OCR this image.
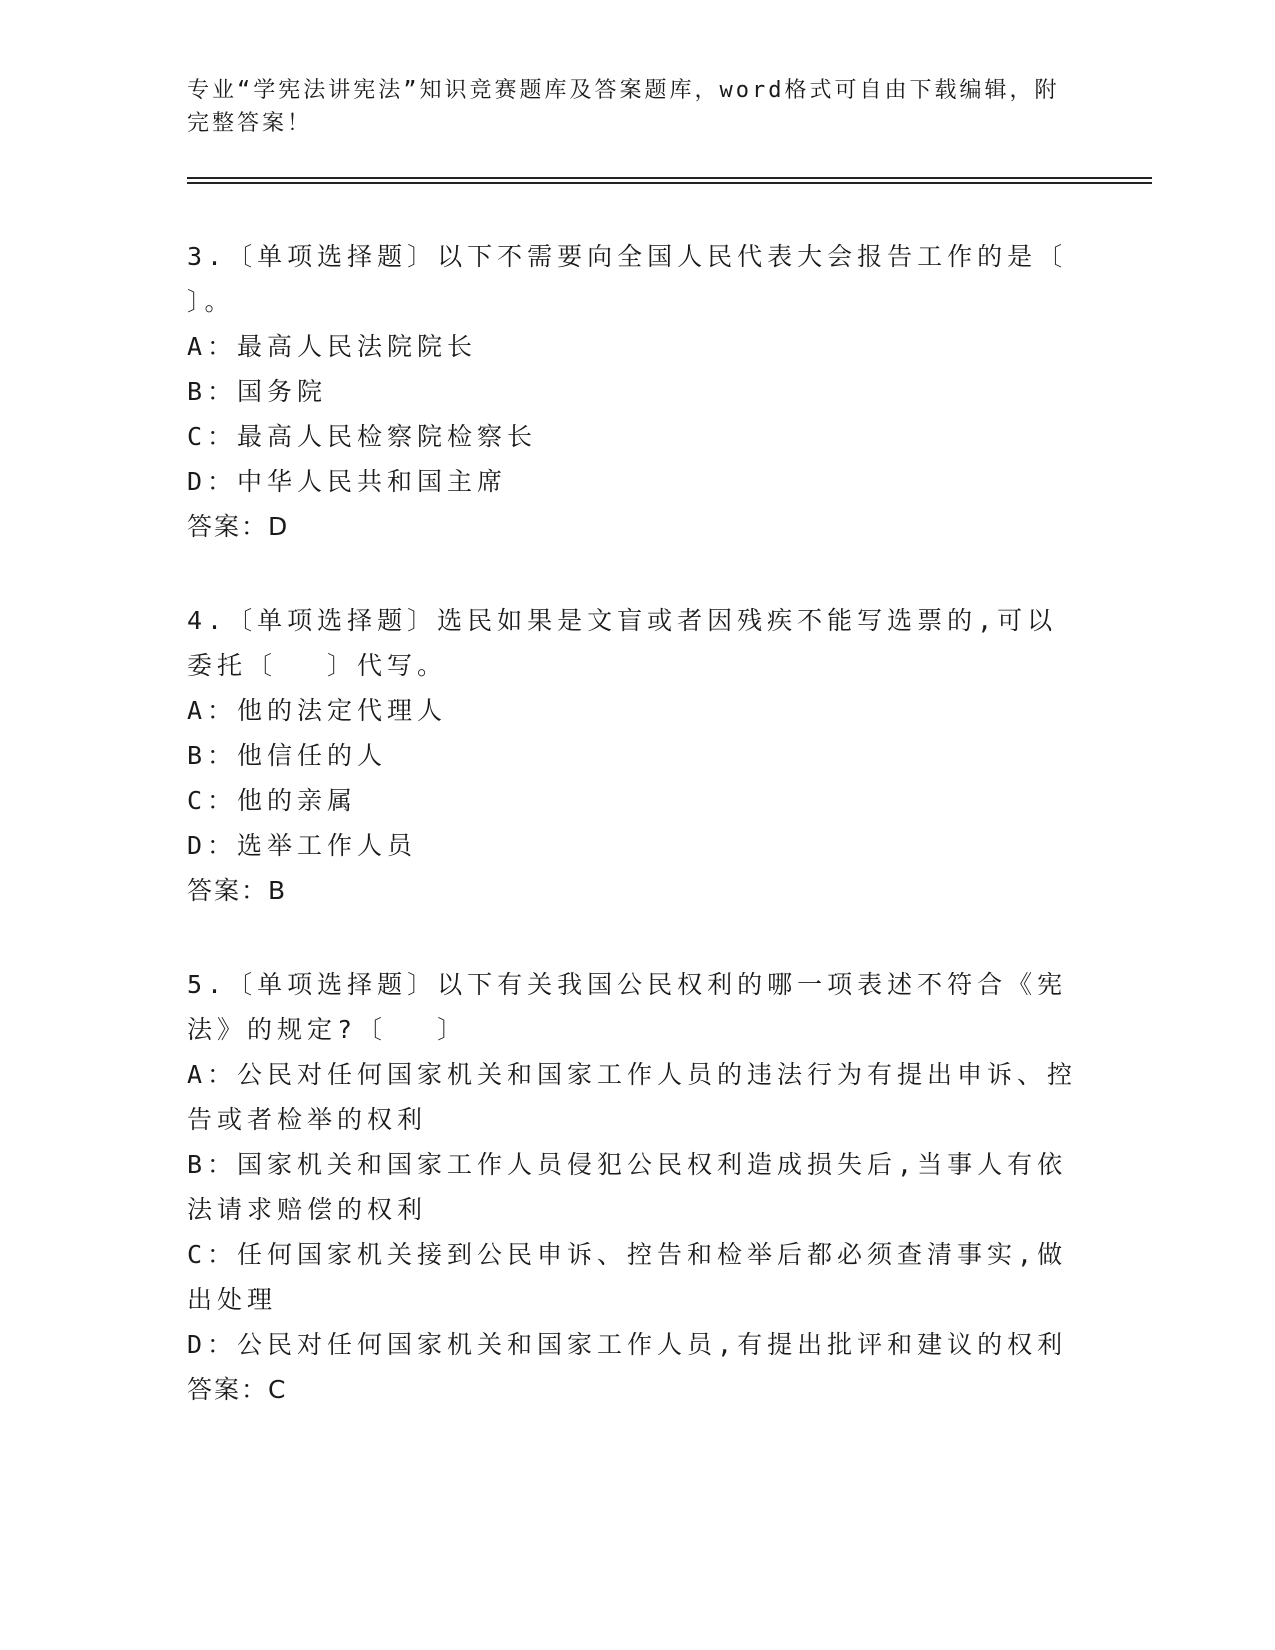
专业“学宪法讲宪法”知识竞赛题库及答案题库，word格式可自由下载编辑，附完整答案！

3.〔单项选择题〕以下不需要向全国人民代表大会报告工作的是〔 〕。

A：最高人民法院院长

B：国务院

C：最高人民检察院检察长

D：中华人民共和国主席

答案：D

4.〔单项选择题〕选民如果是文盲或者因残疾不能写选票的,可以委托〔　 〕代写。

A：他的法定代理人

B：他信任的人

C：他的亲属

D：选举工作人员

答案：B

5.〔单项选择题〕以下有关我国公民权利的哪一项表述不符合《宪法》的规定?〔　 〕

A：公民对任何国家机关和国家工作人员的违法行为有提出申诉、控告或者检举的权利

B：国家机关和国家工作人员侵犯公民权利造成损失后,当事人有依法请求赔偿的权利

C：任何国家机关接到公民申诉、控告和检举后都必须查清事实,做出处理

D：公民对任何国家机关和国家工作人员,有提出批评和建议的权利

答案：C
